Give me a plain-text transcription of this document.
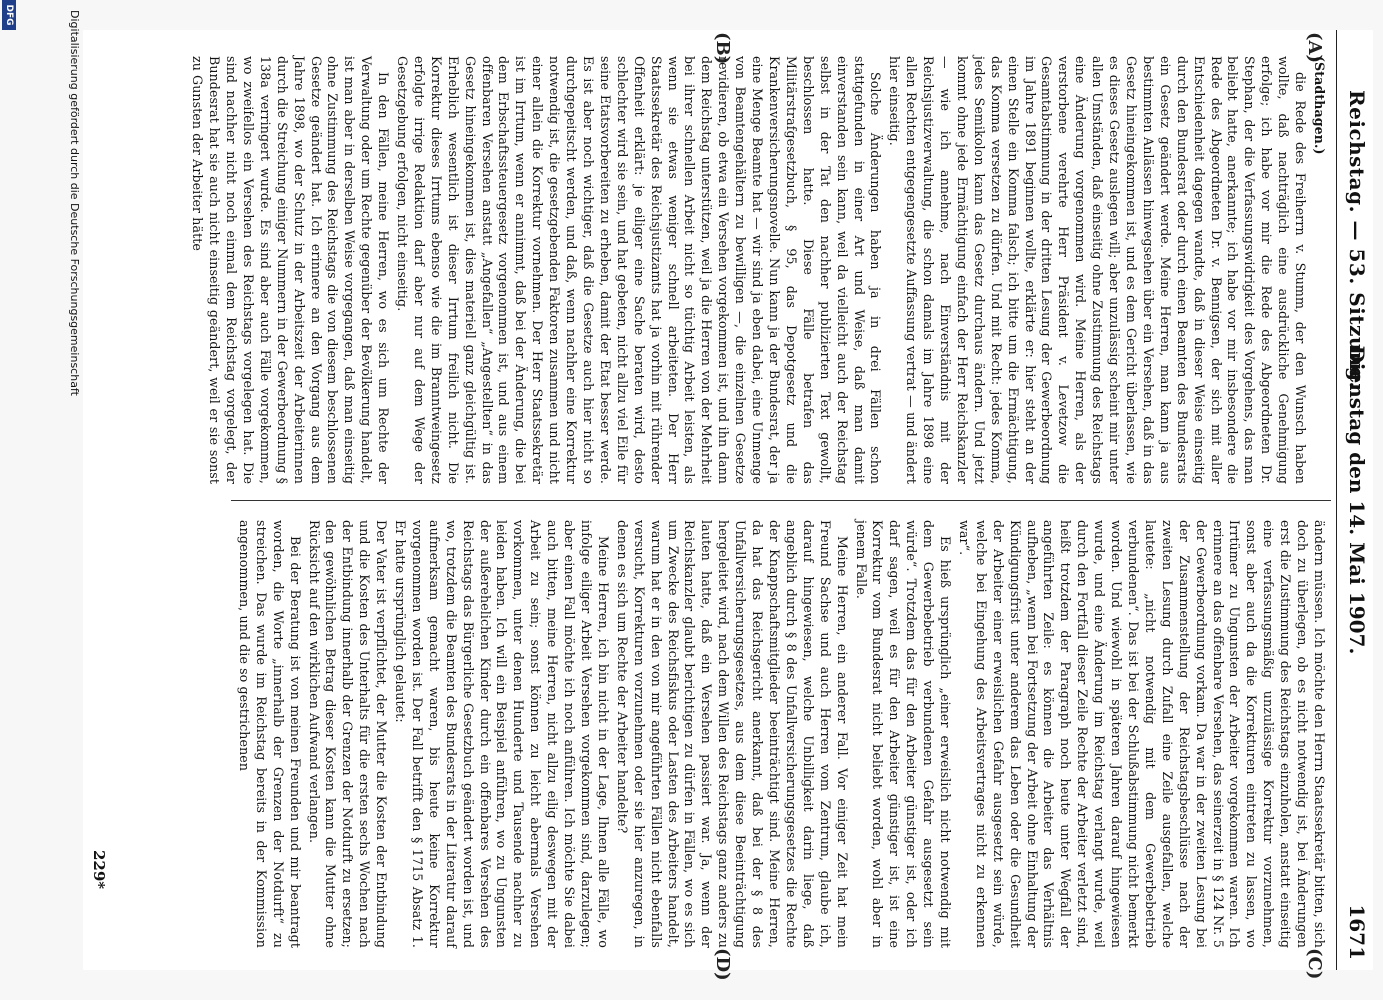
Reichstag. — 53. Sitzung.
Dienstag den 14. Mai 1907.
1671
(A)
(B)
(C)
(D)

(Stadthagen.)

die Rede des Freiherrn v. Stumm, der den Wunsch haben wollte, daß nachträglich eine ausdrückliche Genehmigung erfolge; ich habe vor mir die Rede des Abgeordneten Dr. Stephan, der die Verfassungswidrigkeit des Vorgehens, das man beliebt hatte, anerkannte; ich habe vor mir insbesondere die Rede des Abgeordneten Dr. v. Bennigsen, der sich mit aller Entschiedenheit dagegen wandte, daß in dieser Weise einseitig durch den Bundesrat oder durch einen Beamten des Bundesrats ein Gesetz geändert werde. Meine Herren, man kann ja aus bestimmten Anlässen hinwegsehen über ein Versehen, daß in das Gesetz hineingekommen ist, und es dem Gericht überlassen, wie es dieses Gesetz auslegen will; aber unzulässig scheint mir unter allen Umständen, daß einseitig ohne Zustimmung des Reichstags eine Änderung vorgenommen wird. Meine Herren, als der verstorbene verehrte Herr Präsident v. Levetzow die Gesamtabstimmung in der dritten Lesung der Gewerbeordnung im Jahre 1891 beginnen wollte, erklärte er: hier steht an der einen Stelle ein Komma falsch; ich bitte um die Ermächtigung, das Komma versetzen zu dürfen. Und mit Recht: jedes Komma, jedes Semikolon kann das Gesetz durchaus ändern. Und jetzt kommt ohne jede Ermächtigung einfach der Herr Reichskanzler — wie ich annehme, nach Einverständnis mit der Reichsjustizverwaltung, die schon damals im Jahre 1898 eine allen Rechten entgegengesetzte Auffassung vertrat — und ändert hier einseitig.

Solche Änderungen haben ja in drei Fällen schon stattgefunden in einer Art und Weise, daß man damit einverstanden sein kann, weil da vielleicht auch der Reichstag selbst in der Tat den nachher publizierten Text gewollt, beschlossen hatte. Diese Fälle betrafen das Militärstrafgesetzbuch, § 95, das Depotgesetz und die Krankenversicherungsnovelle. Nun kann ja der Bundesrat, der ja eine Menge Beamte hat — wir sind ja eben dabei, eine Unmenge von Beamtengehältern zu bewilligen —, die einzelnen Gesetze revidieren, ob etwa ein Versehen vorgekommen ist, und ihn dann dem Reichstag unterstützen, weil ja die Herren von der Mehrheit bei ihrer schnellen Arbeit nicht so tüchtig Arbeit leisten, als wenn sie etwas weniger schnell arbeiteten. Der Herr Staatssekretär des Reichsjustizamts hat ja vorhin mit rührender Offenheit erklärt: je eiliger eine Sache beraten wird, desto schlechter wird sie sein, und hat gebeten, nicht allzu viel Eile für seine Etatsvorbereiten zu erheben, damit der Etat besser werde. Es ist aber noch wichtiger, daß die Gesetze auch hier nicht so durchgepeitscht werden, und daß, wenn nachher eine Korrektur notwendig ist, die gesetzgebenden Faktoren zusammen und nicht einer allein die Korrektur vornehmen. Der Herr Staatssekretär ist im Irrtum, wenn er annimmt, daß bei der Änderung, die bei dem Erbschaftssteuergesetz vorgenommen ist, und aus einem offenbaren Versehen anstatt „Angefallen“ „Angestellten“ in das Gesetz hineingekommen ist, dies materiell ganz gleichgültig ist. Erheblich wesentlich ist dieser Irrtum freilich nicht. Die Korrektur dieses Irrtums ebenso wie die im Branntweingesetz erfolgte irrige Redaktion darf aber nur auf dem Wege der Gesetzgebung erfolgen, nicht einseitig.

In den Fällen, meine Herren, wo es sich um Rechte der Verwaltung oder um Rechte gegenüber der Bevölkerung handelt, ist man aber in derselben Weise vorgegangen, daß man einseitig ohne Zustimmung des Reichstags die von diesem beschlossenen Gesetze geändert hat. Ich erinnere an den Vorgang aus dem Jahre 1898, wo der Schutz in der Arbeitszeit der Arbeiterinnen durch die Streichung einiger Nummern in der Gewerbeordnung § 138a verringert wurde. Es sind aber auch Fälle vorgekommen, wo zweifellos ein Versehen des Reichstags vorgelegen hat. Die sind nachher nicht noch einmal dem Reichstag vorgelegt, der Bundesrat hat sie auch nicht einseitig geändert, weil er sie sonst zu Gunsten der Arbeiter hätte

ändern müssen. Ich möchte den Herrn Staatssekretär bitten, sich doch zu überlegen, ob es nicht notwendig ist, bei Änderungen erst die Zustimmung des Reichstags einzuholen, anstatt einseitig eine verfassungsmäßig unzulässige Korrektur vorzunehmen, sonst aber auch da die Korrekturen eintreten zu lassen, wo Irrtümer zu Ungunsten der Arbeiter vorgekommen waren. Ich erinnere an das offenbare Versehen, das seinerzeit in § 124 Nr. 5 der Gewerbeordnung vorkam. Da war in der zweiten Lesung bei der Zusammenstellung der Reichstagsbeschlüsse nach der zweiten Lesung durch Zufall eine Zeile ausgefallen, welche lautete: „nicht notwendig mit dem Gewerbebetrieb verbundenen“. Das ist bei der Schlußabstimmung nicht bemerkt worden. Und wiewohl in späteren Jahren darauf hingewiesen wurde, und eine Änderung im Reichstag verlangt wurde, weil durch den Fortfall dieser Zeile Rechte der Arbeiter verletzt sind, heißt trotzdem der Paragraph noch heute unter Wegfall der angeführten Zeile: es können die Arbeiter das Verhältnis aufheben, „wenn bei Fortsetzung der Arbeit ohne Einhaltung der Kündigungsfrist unter anderem das Leben oder die Gesundheit der Arbeiter einer erweislichen Gefahr ausgesetzt sein würde, welche bei Eingehung des Arbeitsvertrages nicht zu erkennen war“.

Es hieß ursprünglich „einer erweislich nicht notwendig mit dem Gewerbebetrieb verbundenen Gefahr ausgesetzt sein würde“. Trotzdem das für den Arbeiter günstiger ist, oder ich darf sagen, weil es für den Arbeiter günstiger ist, ist eine Korrektur vom Bundesrat nicht beliebt worden, wohl aber in jenem Falle.

Meine Herren, ein anderer Fall. Vor einiger Zeit hat mein Freund Sachse und auch Herren vom Zentrum, glaube ich, darauf hingewiesen, welche Unbilligkeit darin liege, daß angeblich durch § 8 des Unfallversicherungsgesetzes die Rechte der Knappschaftsmitglieder beeinträchtigt sind. Meine Herren, da hat das Reichsgericht anerkannt, daß bei der § 8 des Unfallversicherungsgesetzes, aus dem diese Beeinträchtigung hergeleitet wird, nach dem Willen des Reichstags ganz anders zu lauten hatte, daß ein Versehen passiert war. Ja, wenn der Reichskanzler glaubt berichtigen zu dürfen in Fällen, wo es sich um Zwecke des Reichsfiskus oder Lasten des Arbeiters handelt, warum hat er in den von mir angeführten Fällen nicht ebenfalls versucht, Korrekturen vorzunehmen oder sie hier anzuregen, in denen es sich um Rechte der Arbeiter handelte?

Meine Herren, ich bin nicht in der Lage, Ihnen alle Fälle, wo infolge eiliger Arbeit Versehen vorgekommen sind, darzulegen; aber einen Fall möchte ich noch anführen. Ich möchte Sie dabei auch bitten, meine Herren, nicht allzu eilig deswegen mit der Arbeit zu sein; sonst können zu leicht abermals Versehen vorkommen, unter denen Hunderte und Tausende nachher zu leiden haben. Ich will ein Beispiel anführen, wo zu Ungunsten der außerehelichen Kinder durch ein offenbares Versehen des Reichstags das Bürgerliche Gesetzbuch geändert worden ist, und wo, trotzdem die Beamten des Bundesrats in der Literatur darauf aufmerksam gemacht waren, bis heute keine Korrektur vorgenommen worden ist. Der Fall betrifft den § 1715 Absatz 1. Er hatte ursprünglich gelautet:

Der Vater ist verpflichtet, der Mutter die Kosten der Entbindung und die Kosten des Unterhalts für die ersten sechs Wochen nach der Entbindung innerhalb der Grenzen der Notdurft zu ersetzen; den gewöhnlichen Betrag dieser Kosten kann die Mutter ohne Rücksicht auf den wirklichen Aufwand verlangen.

Bei der Beratung ist von meinen Freunden und mir beantragt worden, die Worte „innerhalb der Grenzen der Notdurft“ zu streichen. Das wurde im Reichstag bereits in der Kommission angenommen, und die so gestrichenen

229*
Digitalisierung gefördert durch die Deutsche Forschungsgemeinschaft
DFG
